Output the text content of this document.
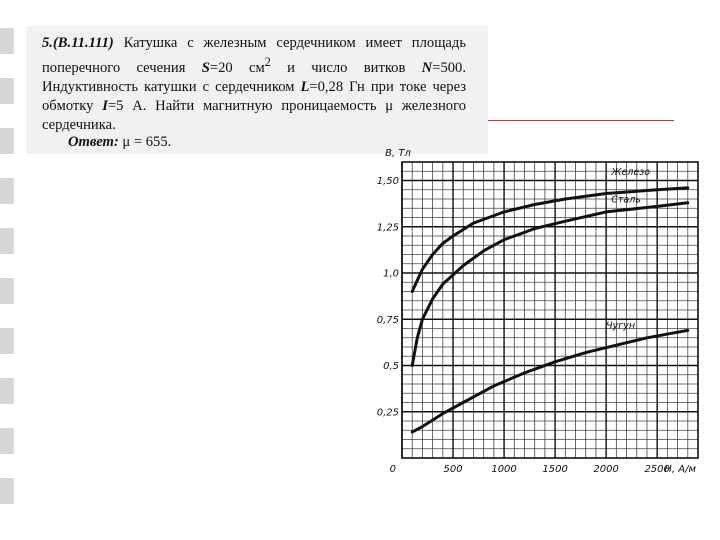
5.(В.11.111) Катушка с железным сердечником имеет площадь поперечного сечения S=20 $см^2$ и число витков N=500. Индуктивность катушки с сердечником L=0,28 Гн при токе через обмотку I=5 А. Найти магнитную проницаемость μ железного сердечника.
Ответ: μ = 655.
Железо
Сталь
Чугун
0,25
0,5
0,75
1,0
1,25
1,50
0	500	1000	1500	2000	2500
B, Тл
H, А/м
